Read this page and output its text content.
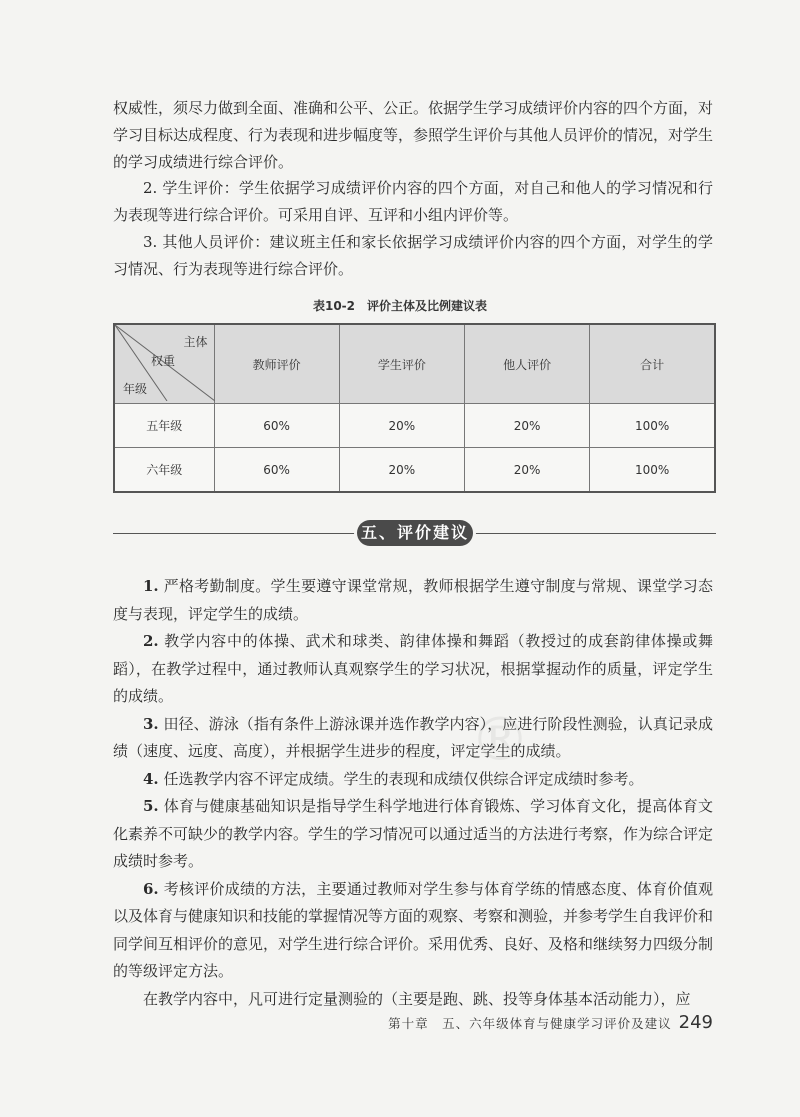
权威性，须尽力做到全面、准确和公平、公正。依据学生学习成绩评价内容的四个方面，对学习目标达成程度、行为表现和进步幅度等，参照学生评价与其他人员评价的情况，对学生的学习成绩进行综合评价。

2. 学生评价：学生依据学习成绩评价内容的四个方面，对自己和他人的学习情况和行为表现等进行综合评价。可采用自评、互评和小组内评价等。

3. 其他人员评价：建议班主任和家长依据学习成绩评价内容的四个方面，对学生的学习情况、行为表现等进行综合评价。

表10-2　评价主体及比例建议表
主体
权重
年级	教师评价	学生评价	他人评价	合计
五年级	60%	20%	20%	100%
六年级	60%	20%	20%	100%
五、评价建议
®

1. 严格考勤制度。学生要遵守课堂常规，教师根据学生遵守制度与常规、课堂学习态度与表现，评定学生的成绩。

2. 教学内容中的体操、武术和球类、韵律体操和舞蹈（教授过的成套韵律体操或舞蹈），在教学过程中，通过教师认真观察学生的学习状况，根据掌握动作的质量，评定学生的成绩。

3. 田径、游泳（指有条件上游泳课并选作教学内容），应进行阶段性测验，认真记录成绩（速度、远度、高度），并根据学生进步的程度，评定学生的成绩。

4. 任选教学内容不评定成绩。学生的表现和成绩仅供综合评定成绩时参考。

5. 体育与健康基础知识是指导学生科学地进行体育锻炼、学习体育文化，提高体育文化素养不可缺少的教学内容。学生的学习情况可以通过适当的方法进行考察，作为综合评定成绩时参考。

6. 考核评价成绩的方法，主要通过教师对学生参与体育学练的情感态度、体育价值观以及体育与健康知识和技能的掌握情况等方面的观察、考察和测验，并参考学生自我评价和同学间互相评价的意见，对学生进行综合评价。采用优秀、良好、及格和继续努力四级分制的等级评定方法。

在教学内容中，凡可进行定量测验的（主要是跑、跳、投等身体基本活动能力），应

第十章　五、六年级体育与健康学习评价及建议 249
